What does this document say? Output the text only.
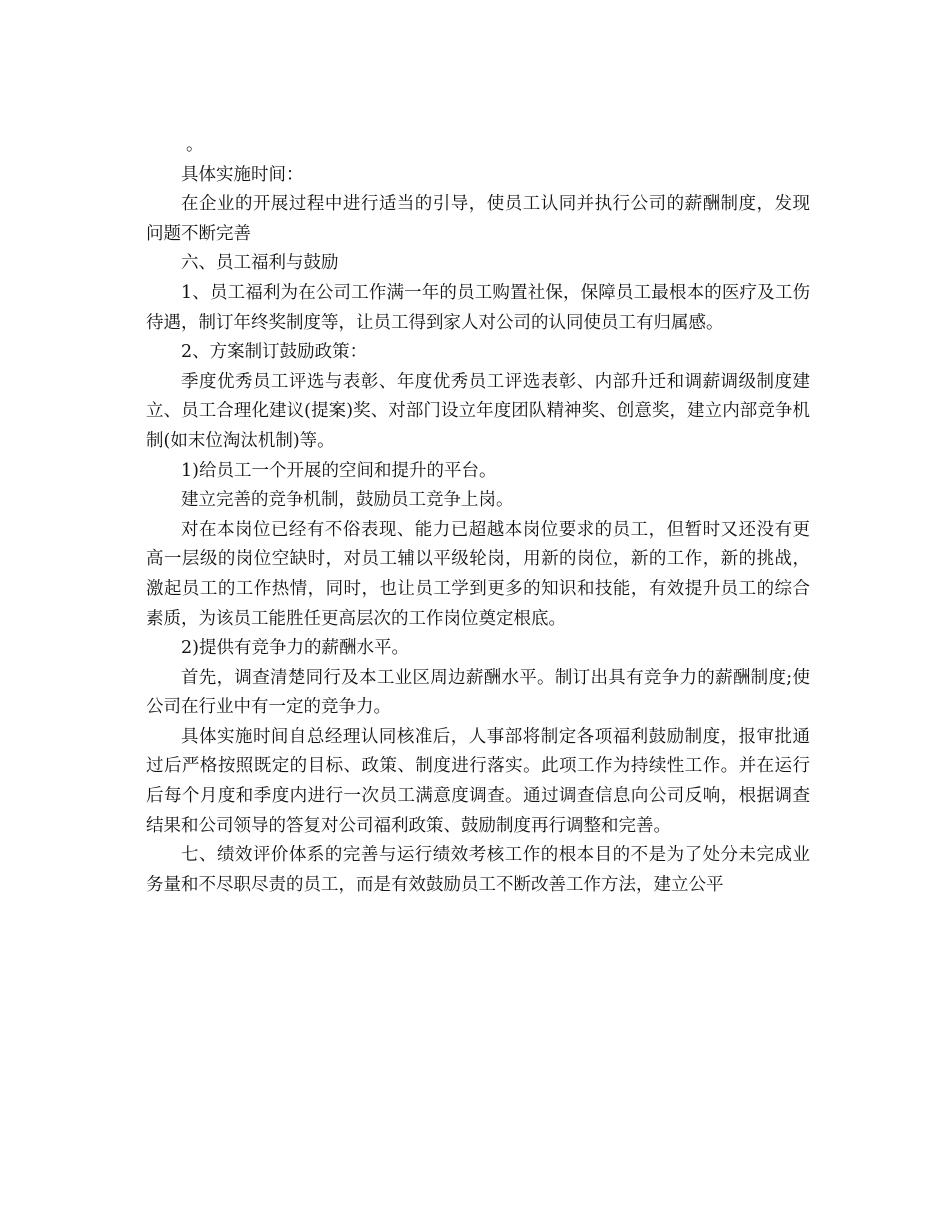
。

具体实施时间：

在企业的开展过程中进行适当的引导，使员工认同并执行公司的薪酬制度，发现问题不断完善

六、员工福利与鼓励

1、员工福利为在公司工作满一年的员工购置社保，保障员工最根本的医疗及工伤待遇，制订年终奖制度等，让员工得到家人对公司的认同使员工有归属感。

2、方案制订鼓励政策：

季度优秀员工评选与表彰、年度优秀员工评选表彰、内部升迁和调薪调级制度建立、员工合理化建议(提案)奖、对部门设立年度团队精神奖、创意奖，建立内部竞争机制(如末位淘汰机制)等。

1)给员工一个开展的空间和提升的平台。

建立完善的竞争机制，鼓励员工竞争上岗。

对在本岗位已经有不俗表现、能力已超越本岗位要求的员工，但暂时又还没有更高一层级的岗位空缺时，对员工辅以平级轮岗，用新的岗位，新的工作，新的挑战，激起员工的工作热情，同时，也让员工学到更多的知识和技能，有效提升员工的综合素质，为该员工能胜任更高层次的工作岗位奠定根底。

2)提供有竞争力的薪酬水平。

首先，调查清楚同行及本工业区周边薪酬水平。制订出具有竞争力的薪酬制度;使公司在行业中有一定的竞争力。

具体实施时间自总经理认同核准后，人事部将制定各项福利鼓励制度，报审批通过后严格按照既定的目标、政策、制度进行落实。此项工作为持续性工作。并在运行后每个月度和季度内进行一次员工满意度调查。通过调查信息向公司反响，根据调查结果和公司领导的答复对公司福利政策、鼓励制度再行调整和完善。

七、绩效评价体系的完善与运行绩效考核工作的根本目的不是为了处分未完成业务量和不尽职尽责的员工，而是有效鼓励员工不断改善工作方法，建立公平
